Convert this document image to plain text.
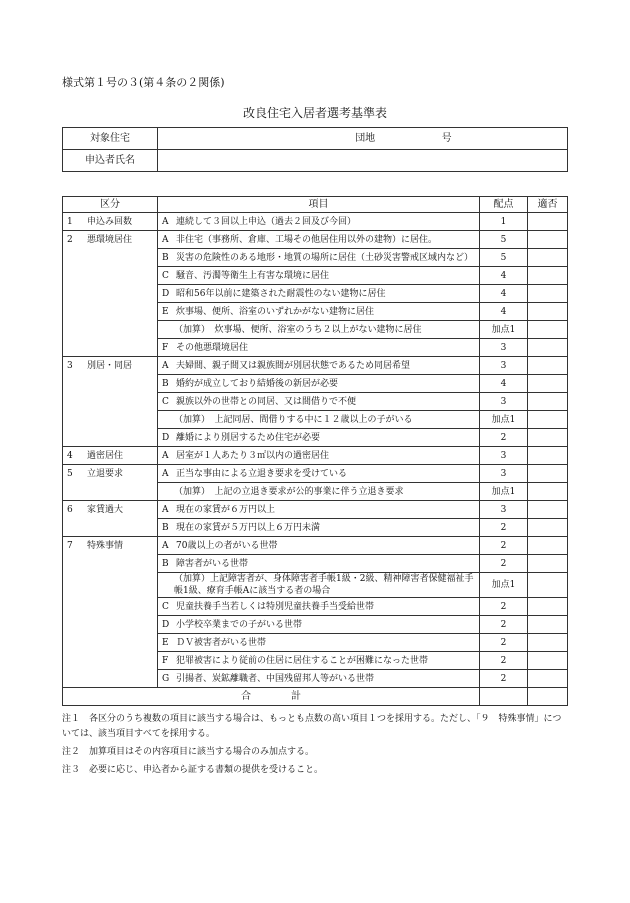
様式第１号の３(第４条の２関係)
改良住宅入居者選考基準表
対象住宅	団地 号
申込者氏名	
区分	項目	配点	適否
1 申込み回数	A 連続して３回以上申込（過去２回及び今回）	1	
2 悪環境居住	A 非住宅（事務所、倉庫、工場その他居住用以外の建物）に居住。	5	
	B 災害の危険性のある地形・地質の場所に居住（土砂災害警戒区域内など）	5	
	C 騒音、汚濁等衛生上有害な環境に居住	4	
	D 昭和56年以前に建築された耐震性のない建物に居住	4	
	E 炊事場、便所、浴室のいずれかがない建物に居住	4	
	（加算）　炊事場、便所、浴室のうち２以上がない建物に居住	加点1	
	F その他悪環境居住	3	
3 別居・同居	A 夫婦間、親子間又は親族間が別居状態であるため同居希望	3	
	B 婚約が成立しており結婚後の新居が必要	4	
	C 親族以外の世帯との同居、又は間借りで不便	3	
	（加算）　上記同居、間借りする中に１２歳以上の子がいる	加点1	
	D 離婚により別居するため住宅が必要	2	
4 過密居住	A 居室が１人あたり３㎡以内の過密居住	3	
5 立退要求	A 正当な事由による立退き要求を受けている	3	
	（加算）　上記の立退き要求が公的事業に伴う立退き要求	加点1	
6 家賃過大	A 現在の家賃が６万円以上	3	
	B 現在の家賃が５万円以上６万円未満	2	
7 特殊事情	A 70歳以上の者がいる世帯	2	
	B 障害者がいる世帯	2	
	（加算）上記障害者が、身体障害者手帳1級・2級、精神障害者保健福祉手帳1級、療育手帳Aに該当する者の場合	加点1	
	C 児童扶養手当若しくは特別児童扶養手当受給世帯	2	
	D 小学校卒業までの子がいる世帯	2	
	E ＤＶ被害者がいる世帯	2	
	F 犯罪被害により従前の住居に居住することが困難になった世帯	2	
	G 引揚者、炭鉱離職者、中国残留邦人等がいる世帯	2	
合　　　　計			
注１　各区分のうち複数の項目に該当する場合は、もっとも点数の高い項目１つを採用する。ただし、「９　特殊事情」については、該当項目すべてを採用する。
注２　加算項目はその内容項目に該当する場合のみ加点する。
注３　必要に応じ、申込者から証する書類の提供を受けること。
